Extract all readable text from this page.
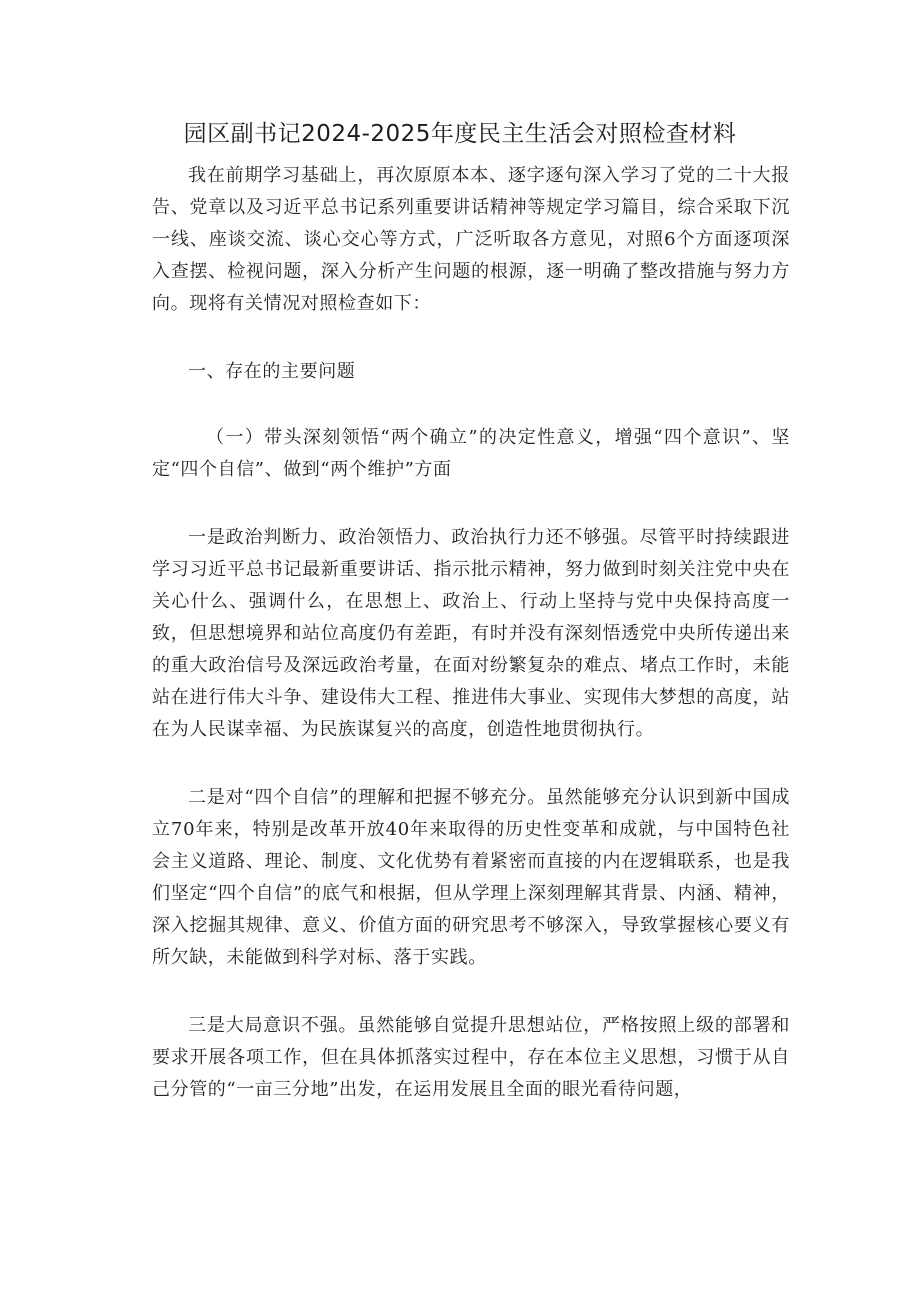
园区副书记2024-2025年度民主生活会对照检查材料

我在前期学习基础上，再次原原本本、逐字逐句深入学习了党的二十大报告、党章以及习近平总书记系列重要讲话精神等规定学习篇目，综合采取下沉一线、座谈交流、谈心交心等方式，广泛听取各方意见，对照6个方面逐项深入查摆、检视问题，深入分析产生问题的根源，逐一明确了整改措施与努力方向。现将有关情况对照检查如下：

一、存在的主要问题

（一）带头深刻领悟“两个确立”的决定性意义，增强“四个意识”、坚定“四个自信”、做到“两个维护”方面

一是政治判断力、政治领悟力、政治执行力还不够强。尽管平时持续跟进学习习近平总书记最新重要讲话、指示批示精神，努力做到时刻关注党中央在关心什么、强调什么，在思想上、政治上、行动上坚持与党中央保持高度一致，但思想境界和站位高度仍有差距，有时并没有深刻悟透党中央所传递出来的重大政治信号及深远政治考量，在面对纷繁复杂的难点、堵点工作时，未能站在进行伟大斗争、建设伟大工程、推进伟大事业、实现伟大梦想的高度，站在为人民谋幸福、为民族谋复兴的高度，创造性地贯彻执行。

二是对“四个自信”的理解和把握不够充分。虽然能够充分认识到新中国成立70年来，特别是改革开放40年来取得的历史性变革和成就，与中国特色社会主义道路、理论、制度、文化优势有着紧密而直接的内在逻辑联系，也是我们坚定“四个自信”的底气和根据，但从学理上深刻理解其背景、内涵、精神，深入挖掘其规律、意义、价值方面的研究思考不够深入，导致掌握核心要义有所欠缺，未能做到科学对标、落于实践。

三是大局意识不强。虽然能够自觉提升思想站位，严格按照上级的部署和要求开展各项工作，但在具体抓落实过程中，存在本位主义思想，习惯于从自己分管的“一亩三分地”出发，在运用发展且全面的眼光看待问题，
